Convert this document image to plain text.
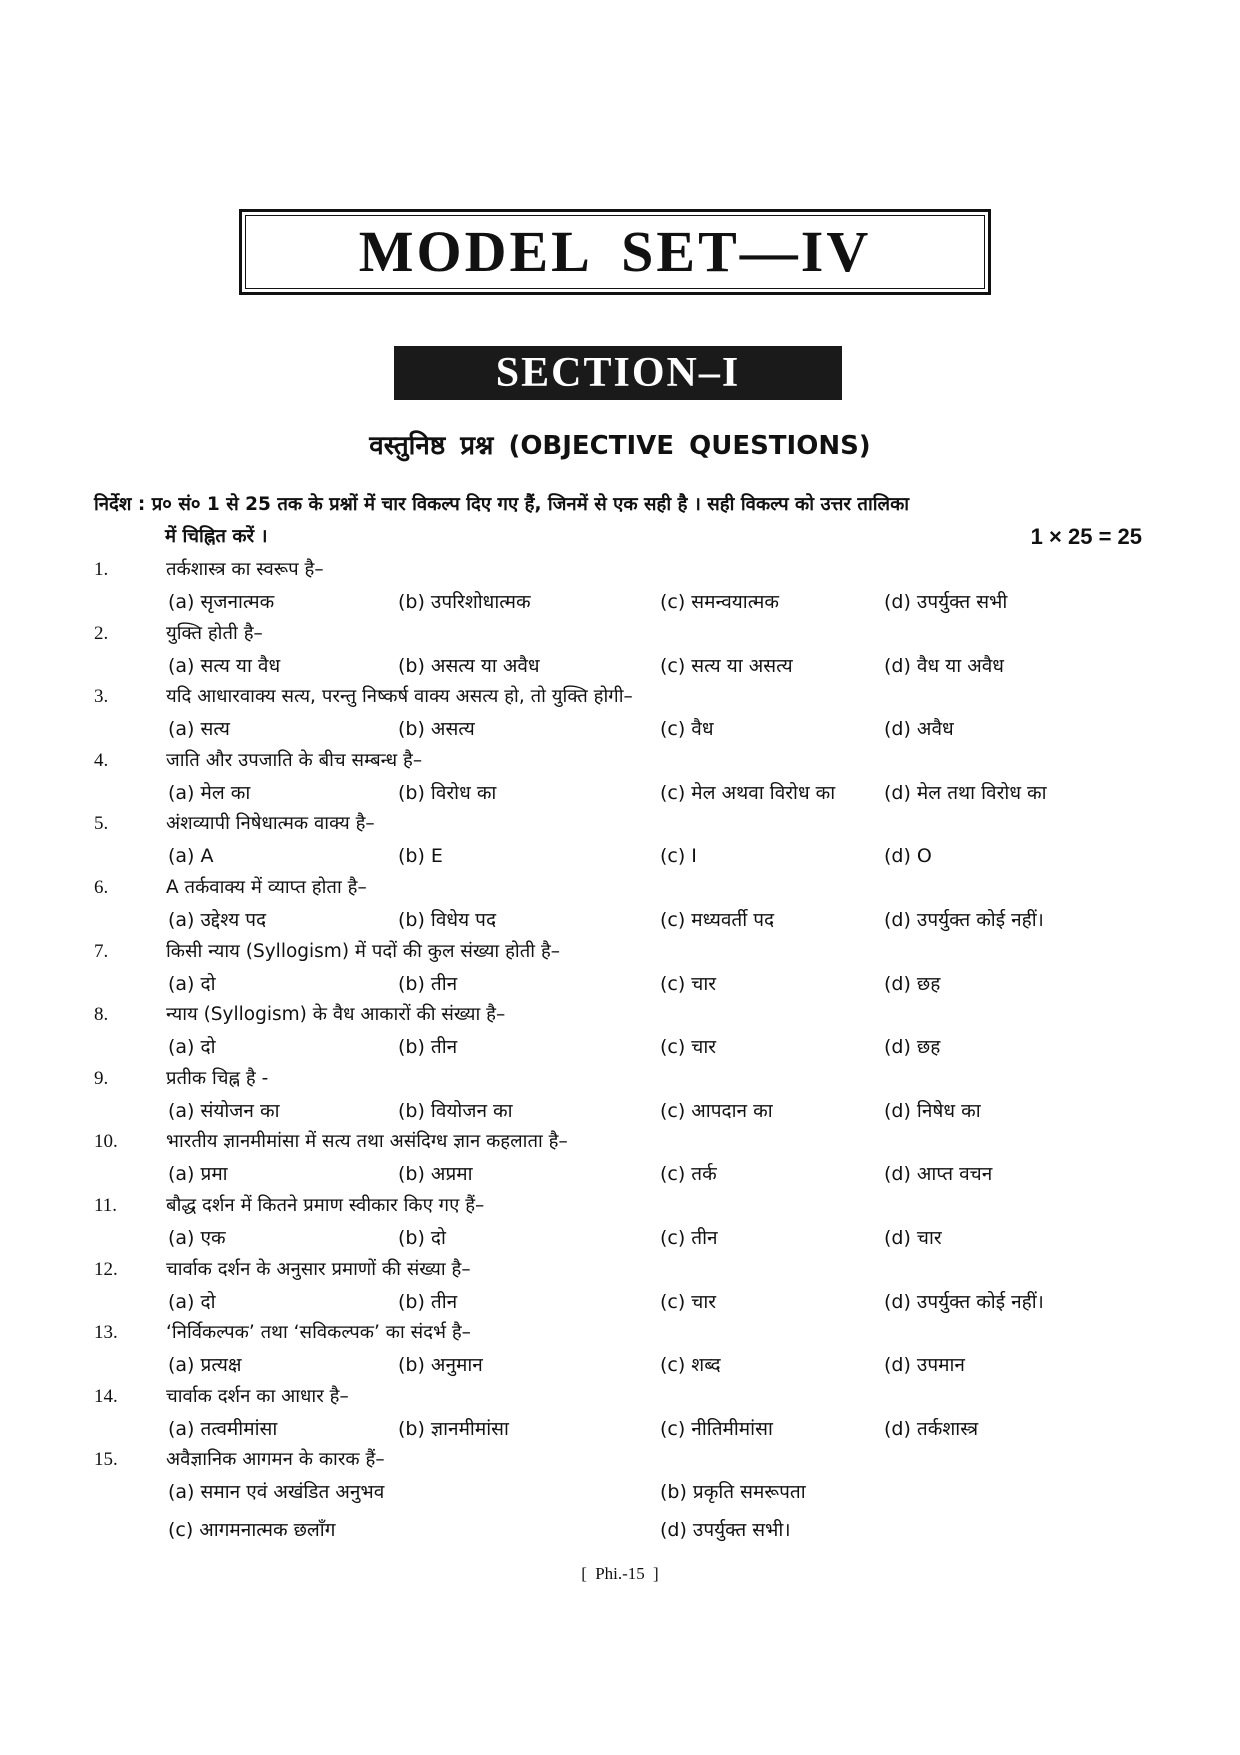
MODEL SET—IV
SECTION–I
वस्तुनिष्ठ प्रश्न (OBJECTIVE QUESTIONS)
निर्देश : प्र० सं० 1 से 25 तक के प्रश्नों में चार विकल्प दिए गए हैं, जिनमें से एक सही है । सही विकल्प को उत्तर तालिका
में चिह्नित करें ।	1 × 25 = 25
1.	तर्कशास्त्र का स्वरूप है–
(a) सृजनात्मक	(b) उपरिशोधात्मक	(c) समन्वयात्मक	(d) उपर्युक्त सभी
2.	युक्ति होती है–
(a) सत्य या वैध	(b) असत्य या अवैध	(c) सत्य या असत्य	(d) वैध या अवैध
3.	यदि आधारवाक्य सत्य, परन्तु निष्कर्ष वाक्य असत्य हो, तो युक्ति होगी–
(a) सत्य	(b) असत्य	(c) वैध	(d) अवैध
4.	जाति और उपजाति के बीच सम्बन्ध है–
(a) मेल का	(b) विरोध का	(c) मेल अथवा विरोध का	(d) मेल तथा विरोध का
5.	अंशव्यापी निषेधात्मक वाक्य है–
(a) A	(b) E	(c) I	(d) O
6.	A तर्कवाक्य में व्याप्त होता है–
(a) उद्देश्य पद	(b) विधेय पद	(c) मध्यवर्ती पद	(d) उपर्युक्त कोई नहीं।
7.	किसी न्याय (Syllogism) में पदों की कुल संख्या होती है–
(a) दो	(b) तीन	(c) चार	(d) छह
8.	न्याय (Syllogism) के वैध आकारों की संख्या है–
(a) दो	(b) तीन	(c) चार	(d) छह
9.	प्रतीक चिह्न है -
(a) संयोजन का	(b) वियोजन का	(c) आपदान का	(d) निषेध का
10.	भारतीय ज्ञानमीमांसा में सत्य तथा असंदिग्ध ज्ञान कहलाता है–
(a) प्रमा	(b) अप्रमा	(c) तर्क	(d) आप्त वचन
11.	बौद्ध दर्शन में कितने प्रमाण स्वीकार किए गए हैं–
(a) एक	(b) दो	(c) तीन	(d) चार
12.	चार्वाक दर्शन के अनुसार प्रमाणों की संख्या है–
(a) दो	(b) तीन	(c) चार	(d) उपर्युक्त कोई नहीं।
13.	‘निर्विकल्पक’ तथा ‘सविकल्पक’ का संदर्भ है–
(a) प्रत्यक्ष	(b) अनुमान	(c) शब्द	(d) उपमान
14.	चार्वाक दर्शन का आधार है–
(a) तत्वमीमांसा	(b) ज्ञानमीमांसा	(c) नीतिमीमांसा	(d) तर्कशास्त्र
15.	अवैज्ञानिक आगमन के कारक हैं–
(a) समान एवं अखंडित अनुभव	(b) प्रकृति समरूपता
(c) आगमनात्मक छलाँग	(d) उपर्युक्त सभी।
[ Phi.-15 ]
